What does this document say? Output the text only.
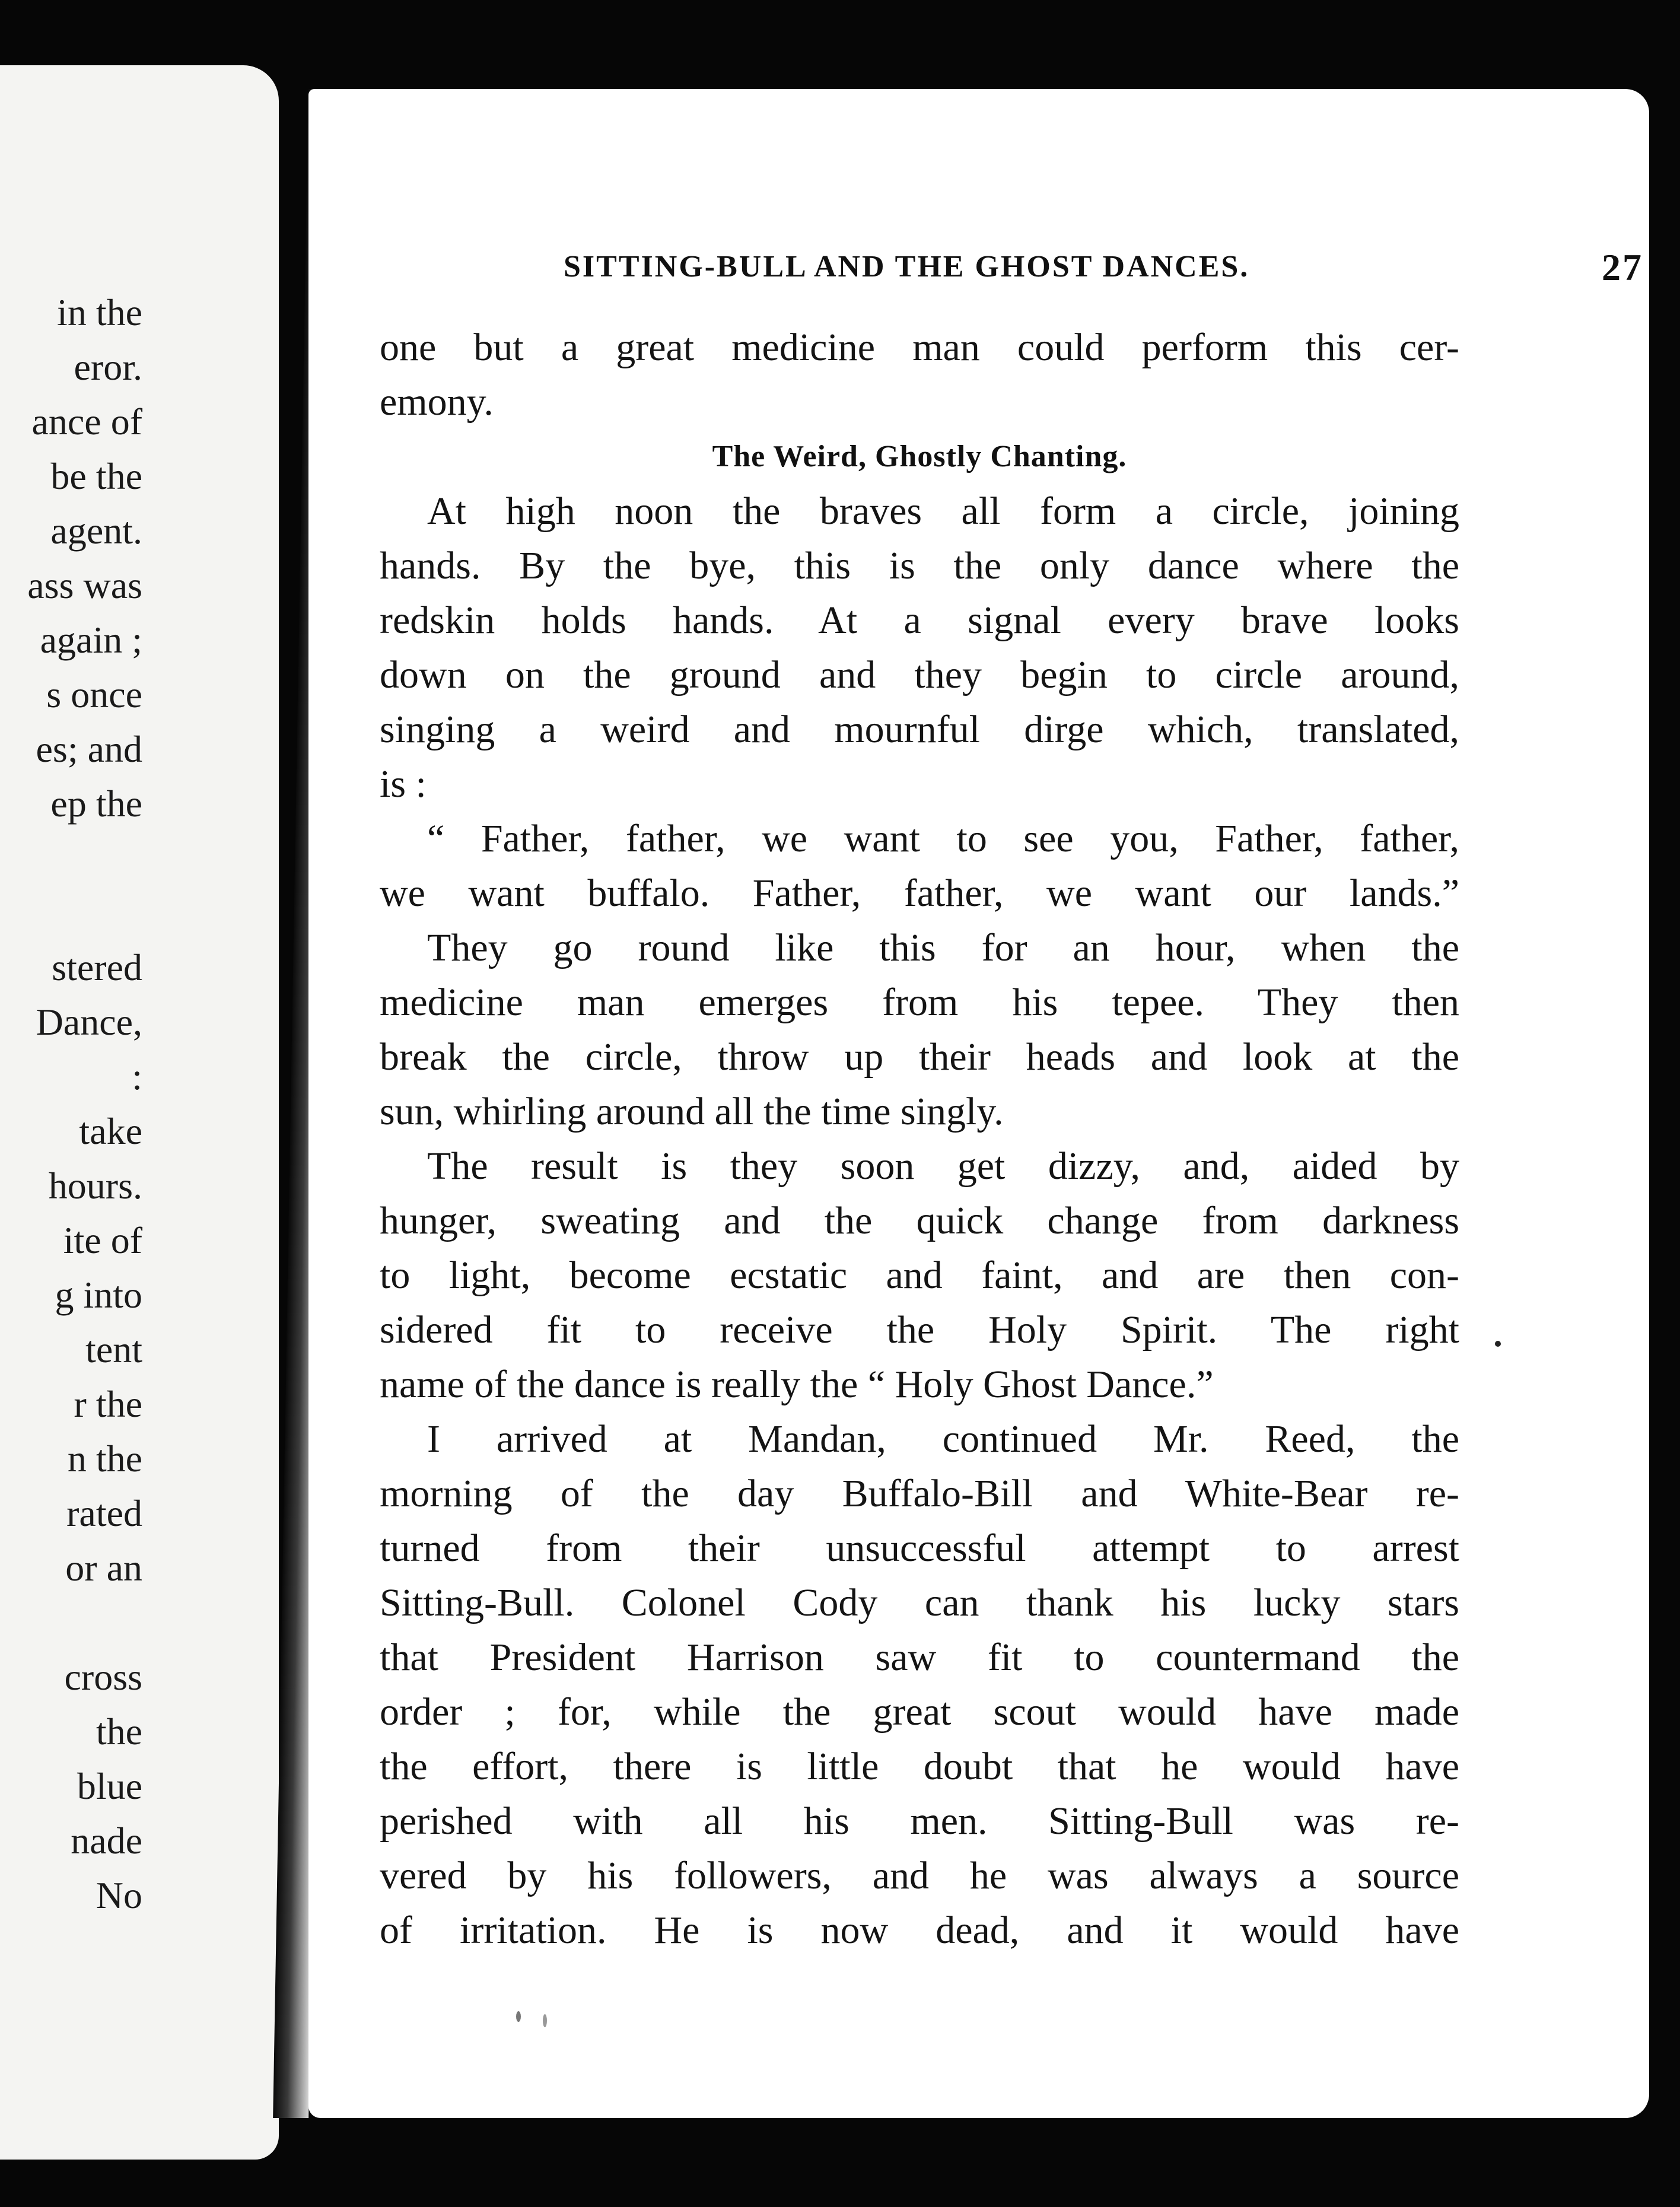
in the
eror.
ance of
be the
agent.
ass was
again ;
s once
es; and
ep the
stered
Dance,
:
take
hours.
ite of
g into
tent
r the
n the
rated
or an
cross
the
blue
nade
No
SITTING-BULL AND THE GHOST DANCES.	27
one but a great medicine man could perform this cer-
emony.
The Weird, Ghostly Chanting.
At high noon the braves all form a circle, joining
hands. By the bye, this is the only dance where the
redskin holds hands. At a signal every brave looks
down on the ground and they begin to circle around,
singing a weird and mournful dirge which, translated,
is :
“ Father, father, we want to see you, Father, father,
we want buffalo. Father, father, we want our lands.”
They go round like this for an hour, when the
medicine man emerges from his tepee. They then
break the circle, throw up their heads and look at the
sun, whirling around all the time singly.
The result is they soon get dizzy, and, aided by
hunger, sweating and the quick change from darkness
to light, become ecstatic and faint, and are then con-
sidered fit to receive the Holy Spirit. The right
name of the dance is really the “ Holy Ghost Dance.”
I arrived at Mandan, continued Mr. Reed, the
morning of the day Buffalo-Bill and White-Bear re-
turned from their unsuccessful attempt to arrest
Sitting-Bull. Colonel Cody can thank his lucky stars
that President Harrison saw fit to countermand the
order ; for, while the great scout would have made
the effort, there is little doubt that he would have
perished with all his men. Sitting-Bull was re-
vered by his followers, and he was always a source
of irritation. He is now dead, and it would have
